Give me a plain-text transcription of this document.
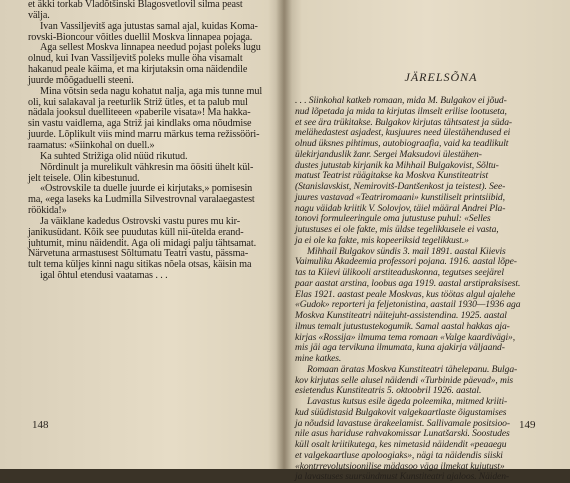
et äkki torkab Vladõtšinski Blagosvetlovil silma peast
välja.
Ivan Vassiljevitš aga jutustas samal ajal, kuidas Koma-
rovski-Bioncour võitles duellil Moskva linnapea pojaga.
Aga sellest Moskva linnapea needud pojast poleks lugu
olnud, kui Ivan Vassiljevitš poleks mulle öha visamalt
hakanud peale käima, et ma kirjutaksin oma näidendile
juurde mõõgaduelli steeni.
Mina võtsin seda nagu kohatut nalja, aga mis tunne mul
oli, kui salakaval ja reeturlik Striž ütles, et ta palub mul
nädala jooksul duelliteeen «paberile visata»! Ma hakka-
sin vastu vaidlema, aga Striž jai kindlaks oma nõudmise
juurde. Lõplikult viis mind marru märkus tema režissööri-
raamatus: «Siinkohal on duell.»
Ka suhted Strižiga olid nüüd rikutud.
Nõrdinult ja murelikult vähkresin ma öösiti ühelt kül-
jelt teisele. Olin kibestunud.
«Ostrovskile ta duelle juurde ei kirjutaks,» pomisesin
ma, «ega laseks ka Ludmilla Silvestrovnal varalaegastest
röökida!»
Ja väiklane kadedus Ostrovski vastu pures mu kir-
janikusüdant. Kõik see puudutas küll nii-ütelda erand-
juhtumit, minu näidendit. Aga oli midagi palju tähtsamat.
Närvetuna armastusest Sõltumatu Teatri vastu, pässma-
tult tema küljes kinni nagu sitikas nõela otsas, käisin ma
igal õhtul etendusi vaatamas . . .
148
JÄRELSÕNA
. . . Siinkohal katkeb romaan, mida M. Bulgakov ei jõud-
nud lõpetada ja mida ta kirjutas ilmselt erilise lootuseta,
et see ära trükitakse. Bulgakov kirjutas tähtsatest ja süda-
melähedastest asjadest, kusjuures need ülestähendused ei
olnud üksnes pihtimus, autobiograafia, vaid ka teadlikult
ülekirjanduslik žanr. Sergei Maksudovi ülestähen-
dustes jutustab kirjanik ka Mihhail Bulgakovist, Sõltu-
matust Teatrist räägitakse ka Moskva Kunstiteatrist
(Stanislavskist, Nemirovitš-Dantšenkost ja teistest). See-
juures vastavad «Teatriromaani» kunstiliselt printsiibid,
nagu väidab kriitik V. Solovjov, täiel määral Andrei Pla-
tonovi formuleeringule oma jutustuse puhul: «Selles
jutustuses ei ole fakte, mis üldse tegelikkusele ei vasta,
ja ei ole ka fakte, mis kopeeriksid tegelikkust.»
Mihhail Bulgakov sündis 3. mail 1891. aastal Kiievis
Vaimuliku Akadeemia professori pojana. 1916. aastal lõpe-
tas ta Kiievi ülikooli arstiteaduskonna, tegutses seejärel
paar aastat arstina, loobus aga 1919. aastal arstipraksisest.
Elas 1921. aastast peale Moskvas, kus töötas algul ajalehe
«Gudok» reporteri ja feljetonistina, aastail 1930—1936 aga
Moskva Kunstiteatri näitejuht-assistendina. 1925. aastal
ilmus temalt jutustustekogumik. Samal aastal hakkas aja-
kirjas «Rossija» ilmuma tema romaan «Valge kaardivägi»,
mis jäi aga tervikuna ilmumata, kuna ajakirja väljaand-
mine katkes.
Romaan äratas Moskva Kunstiteatri tähelepanu. Bulga-
kov kirjutas selle alusel näidendi «Turbinide päevad», mis
esietendus Kunstiteatris 5. oktoobril 1926. aastal.
Lavastus kutsus esile ägeda poleemika, mitmed kriiti-
kud süüdistasid Bulgakovit valgekaartlaste õigustamises
ja nõudsid lavastuse ärakeelamist. Sallivamale positsioo-
nile asus hariduse rahvakomissar Lunatšarski. Soostudes
küll osalt kriitikutega, kes nimetasid näidendit «peaaegu
et valgekaartluse apoloogiaks», nägi ta näidendis siiski
«kontrrevolutsioonilise mädasoo väga ilmekat kujutust»
ja lavastuses suursündmust Kunstiteatri ajaloos. Näiden-
149
